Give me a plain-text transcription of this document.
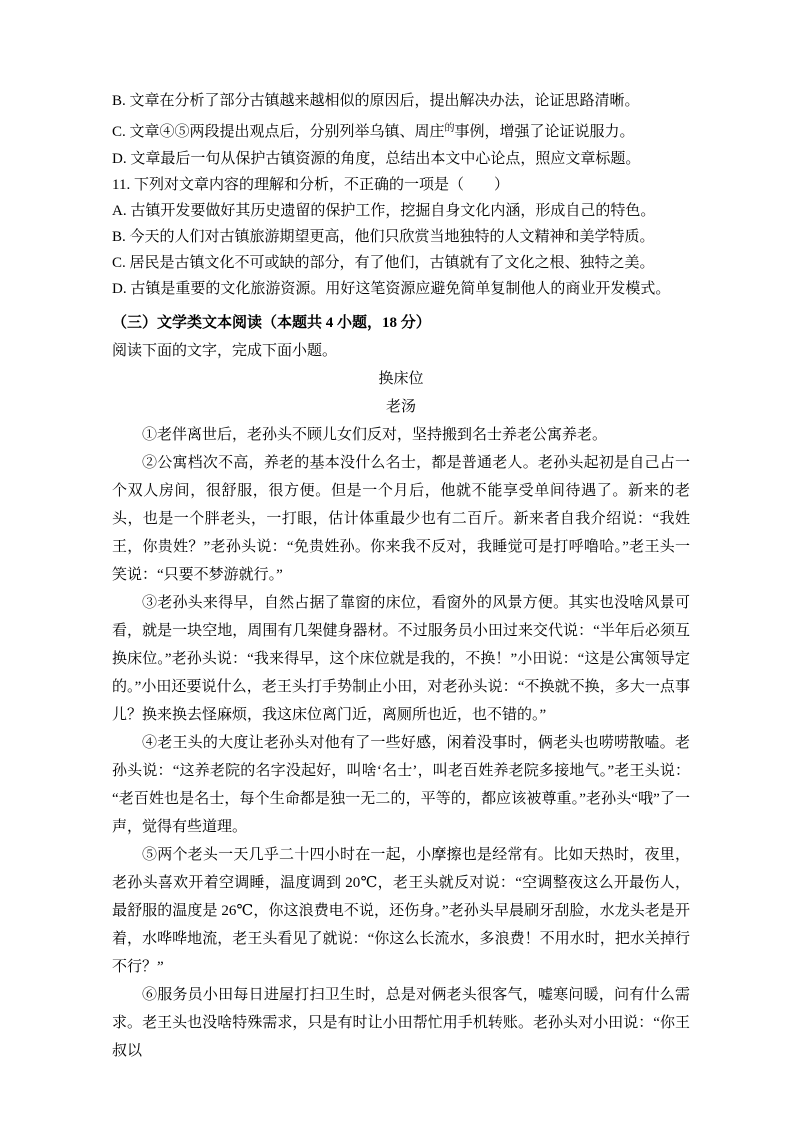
B. 文章在分析了部分古镇越来越相似的原因后，提出解决办法，论证思路清晰。

C. 文章④⑤两段提出观点后，分别列举乌镇、周庄$^的$事例，增强了论证说服力。

D. 文章最后一句从保护古镇资源的角度，总结出本文中心论点，照应文章标题。

11. 下列对文章内容的理解和分析，不正确的一项是（　　）

A. 古镇开发要做好其历史遗留的保护工作，挖掘自身文化内涵，形成自己的特色。

B. 今天的人们对古镇旅游期望更高，他们只欣赏当地独特的人文精神和美学特质。

C. 居民是古镇文化不可或缺的部分，有了他们，古镇就有了文化之根、独特之美。

D. 古镇是重要的文化旅游资源。用好这笔资源应避免简单复制他人的商业开发模式。

（三）文学类文本阅读（本题共 4 小题，18 分）

阅读下面的文字，完成下面小题。

换床位

老汤

①老伴离世后，老孙头不顾儿女们反对，坚持搬到名士养老公寓养老。

②公寓档次不高，养老的基本没什么名士，都是普通老人。老孙头起初是自己占一个双人房间，很舒服，很方便。但是一个月后，他就不能享受单间待遇了。新来的老头，也是一个胖老头，一打眼，估计体重最少也有二百斤。新来者自我介绍说：“我姓王，你贵姓？”老孙头说：“免贵姓孙。你来我不反对，我睡觉可是打呼噜哈。”老王头一笑说：“只要不梦游就行。”

③老孙头来得早，自然占据了靠窗的床位，看窗外的风景方便。其实也没啥风景可看，就是一块空地，周围有几架健身器材。不过服务员小田过来交代说：“半年后必须互换床位。”老孙头说：“我来得早，这个床位就是我的，不换！”小田说：“这是公寓领导定的。”小田还要说什么，老王头打手势制止小田，对老孙头说：“不换就不换，多大一点事儿？换来换去怪麻烦，我这床位离门近，离厕所也近，也不错的。”

④老王头的大度让老孙头对他有了一些好感，闲着没事时，俩老头也唠唠散嗑。老孙头说：“这养老院的名字没起好，叫啥‘名士’，叫老百姓养老院多接地气。”老王头说：“老百姓也是名士，每个生命都是独一无二的，平等的，都应该被尊重。”老孙头“哦”了一声，觉得有些道理。

⑤两个老头一天几乎二十四小时在一起，小摩擦也是经常有。比如天热时，夜里，老孙头喜欢开着空调睡，温度调到 20℃，老王头就反对说：“空调整夜这么开最伤人，最舒服的温度是 26℃，你这浪费电不说，还伤身。”老孙头早晨刷牙刮脸，水龙头老是开着，水哗哗地流，老王头看见了就说：“你这么长流水，多浪费！不用水时，把水关掉行不行？”

⑥服务员小田每日进屋打扫卫生时，总是对俩老头很客气，嘘寒问暖，问有什么需求。老王头也没啥特殊需求，只是有时让小田帮忙用手机转账。老孙头对小田说：“你王叔以
